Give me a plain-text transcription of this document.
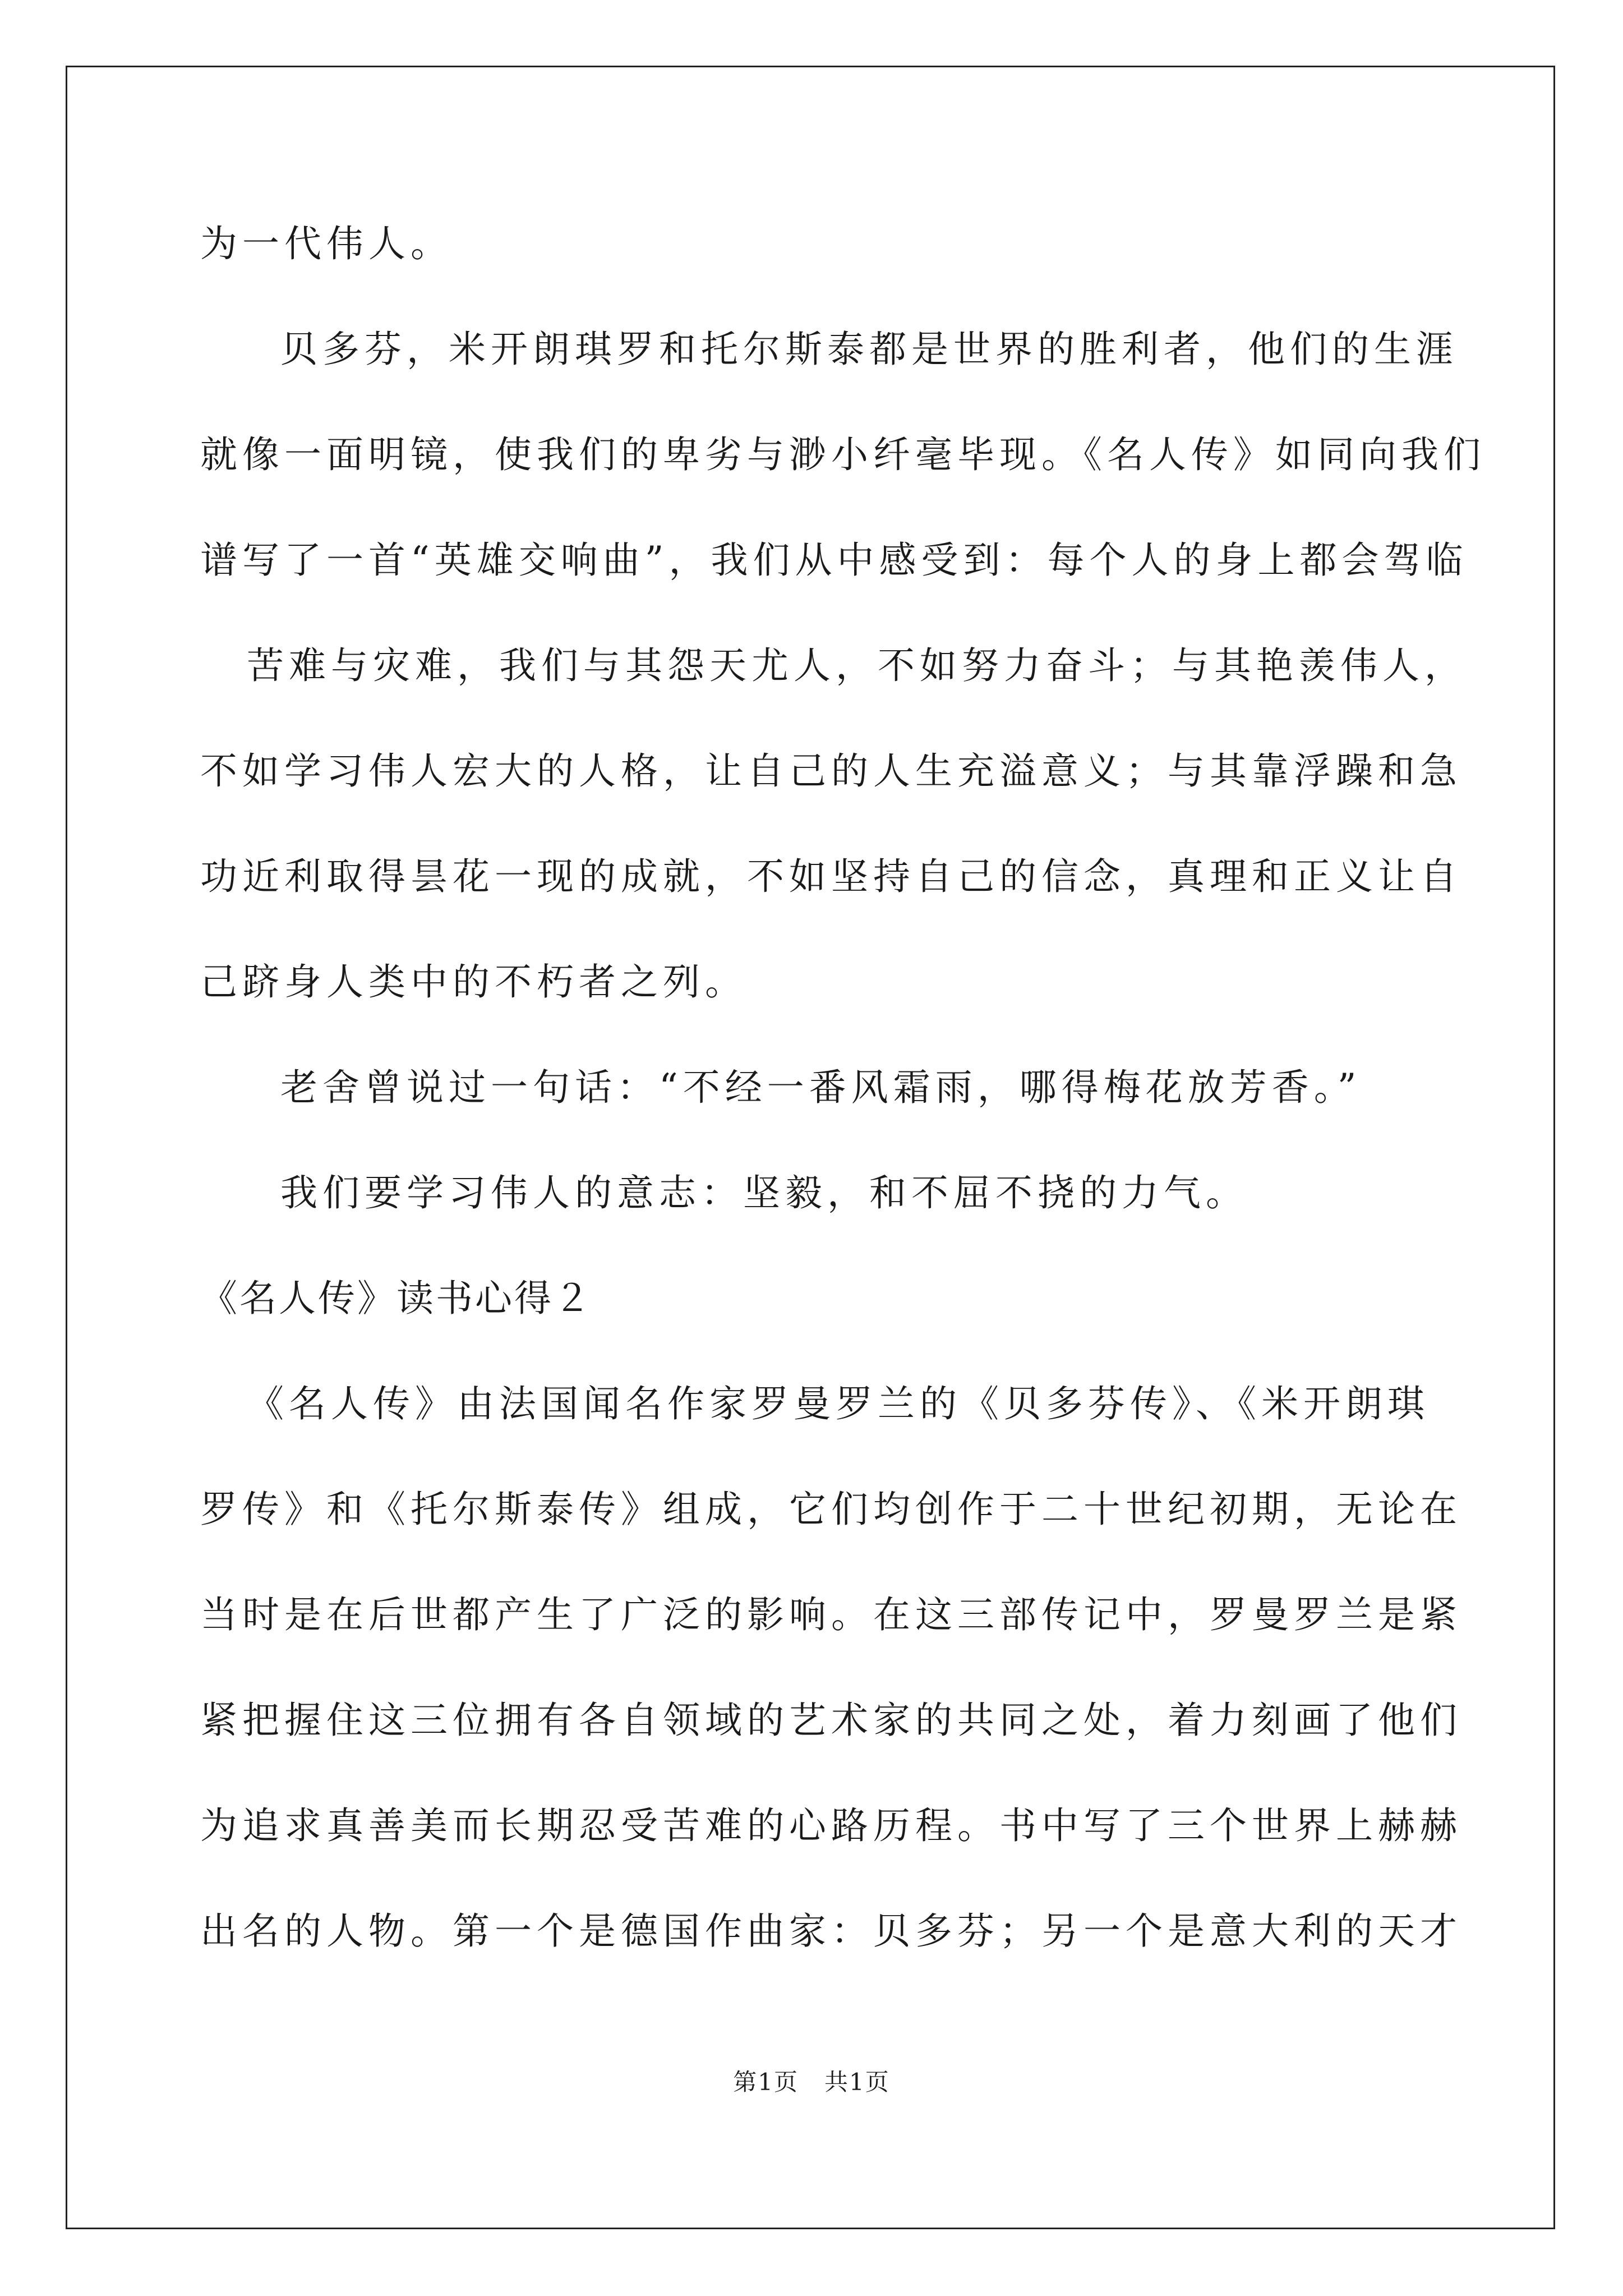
为一代伟人。

贝多芬，米开朗琪罗和托尔斯泰都是世界的胜利者，他们的生涯

就像一面明镜，使我们的卑劣与渺小纤毫毕现。《名人传》如同向我们

谱写了一首“英雄交响曲”，我们从中感受到：每个人的身上都会驾临

苦难与灾难，我们与其怨天尤人，不如努力奋斗；与其艳羡伟人，

不如学习伟人宏大的人格，让自己的人生充溢意义；与其靠浮躁和急

功近利取得昙花一现的成就，不如坚持自己的信念，真理和正义让自

己跻身人类中的不朽者之列。

老舍曾说过一句话：“不经一番风霜雨，哪得梅花放芳香。”

我们要学习伟人的意志：坚毅，和不屈不挠的力气。

《名人传》读书心得２

《名人传》由法国闻名作家罗曼罗兰的《贝多芬传》、《米开朗琪

罗传》和《托尔斯泰传》组成，它们均创作于二十世纪初期，无论在

当时是在后世都产生了广泛的影响。在这三部传记中，罗曼罗兰是紧

紧把握住这三位拥有各自领域的艺术家的共同之处，着力刻画了他们

为追求真善美而长期忍受苦难的心路历程。书中写了三个世界上赫赫

出名的人物。第一个是德国作曲家：贝多芬；另一个是意大利的天才

第1页 共1页
